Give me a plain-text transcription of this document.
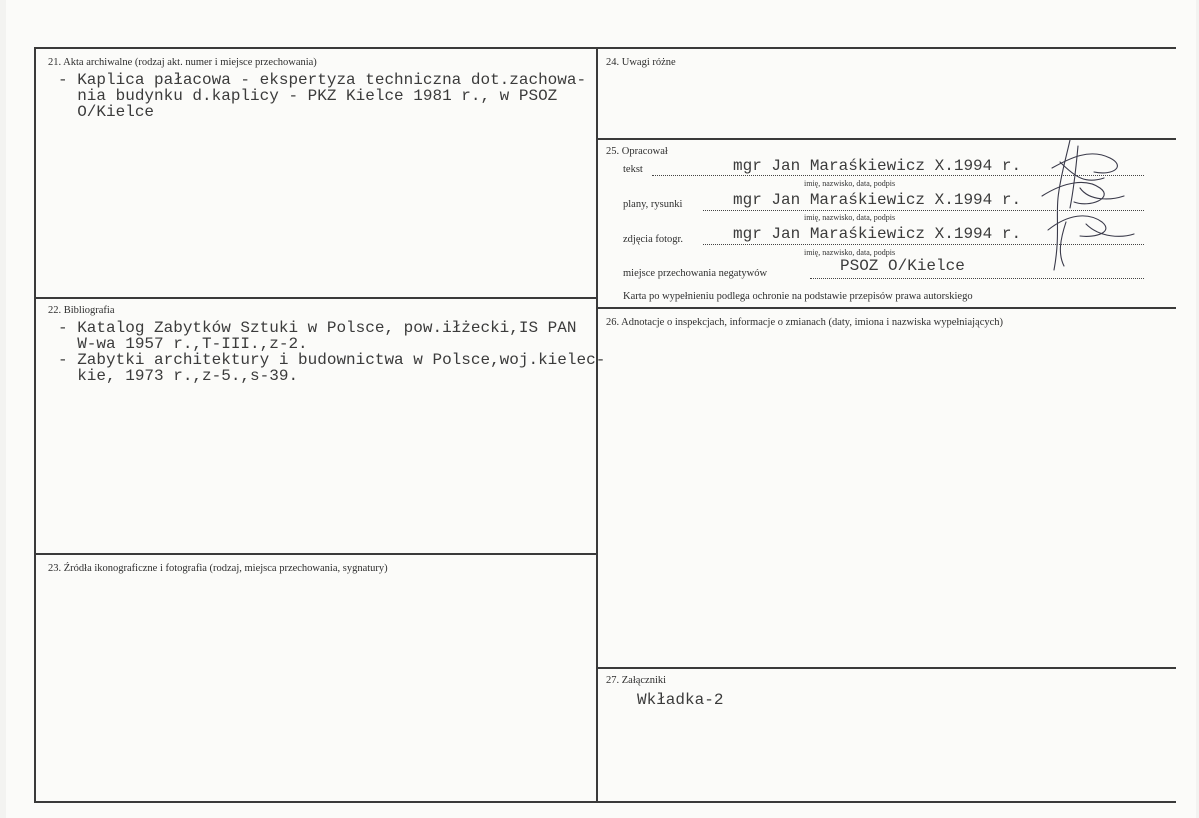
21. Akta archiwalne (rodzaj akt. numer i miejsce przechowania)
- Kaplica pałacowa - ekspertyza techniczna dot.zachowa-
nia budynku d.kaplicy - PKZ Kielce 1981 r., w PSOZ
O/Kielce
22. Bibliografia
- Katalog Zabytków Sztuki w Polsce, pow.iłżecki,IS PAN
W-wa 1957 r.,T-III.,z-2.
- Zabytki architektury i budownictwa w Polsce,woj.kielec-
kie, 1973 r.,z-5.,s-39.
23. Źródła ikonograficzne i fotografia (rodzaj, miejsca przechowania, sygnatury)
24. Uwagi różne
25. Opracował
tekst	mgr Jan Maraśkiewicz X.1994 r.
imię, nazwisko, data, podpis
plany, rysunki	mgr Jan Maraśkiewicz X.1994 r.
imię, nazwisko, data, podpis
zdjęcia fotogr.	mgr Jan Maraśkiewicz X.1994 r.
imię, nazwisko, data, podpis
miejsce przechowania negatywów	PSOZ O/Kielce
Karta po wypełnieniu podlega ochronie na podstawie przepisów prawa autorskiego
26. Adnotacje o inspekcjach, informacje o zmianach (daty, imiona i nazwiska wypełniających)
27. Załączniki
Wkładka-2
